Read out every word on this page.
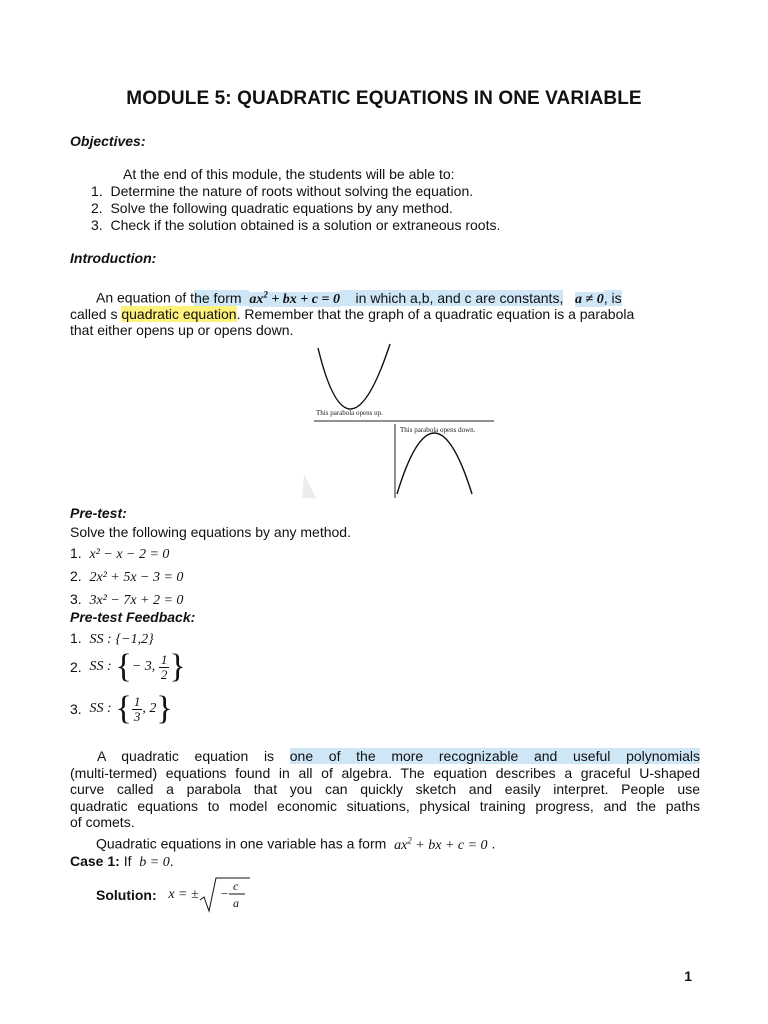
MODULE 5: QUADRATIC EQUATIONS IN ONE VARIABLE
Objectives:
At the end of this module, the students will be able to:
1. Determine the nature of roots without solving the equation.
2. Solve the following quadratic equations by any method.
3. Check if the solution obtained is a solution or extraneous roots.
Introduction:
An equation of the form $ax^2$ + bx + c = 0 in which a,b, and c are constants, a ≠ 0, is
called s quadratic equation. Remember that the graph of a quadratic equation is a parabola
that either opens up or opens down.
This parabola opens up.
This parabola opens down.
Pre-test:
Solve the following equations by any method.
1. x² − x − 2 = 0
2. 2x² + 5x − 3 = 0
3. 3x² − 7x + 2 = 0
Pre-test Feedback:
1. SS : {−1,2}
2. SS : {− 3, $\frac{1}{2}$ }
3. SS : { $\frac{1}{3}$ , 2}
A quadratic equation is one of the more recognizable and useful polynomials
(multi-termed) equations found in all of algebra. The equation describes a graceful U-shaped
curve called a parabola that you can quickly sketch and easily interpret. People use
quadratic equations to model economic situations, physical training progress, and the paths
of comets.
Quadratic equations in one variable has a form $ax^2$ + bx + c = 0 .
Case 1: If b = 0.
Solution: x = ± − c
a
1
